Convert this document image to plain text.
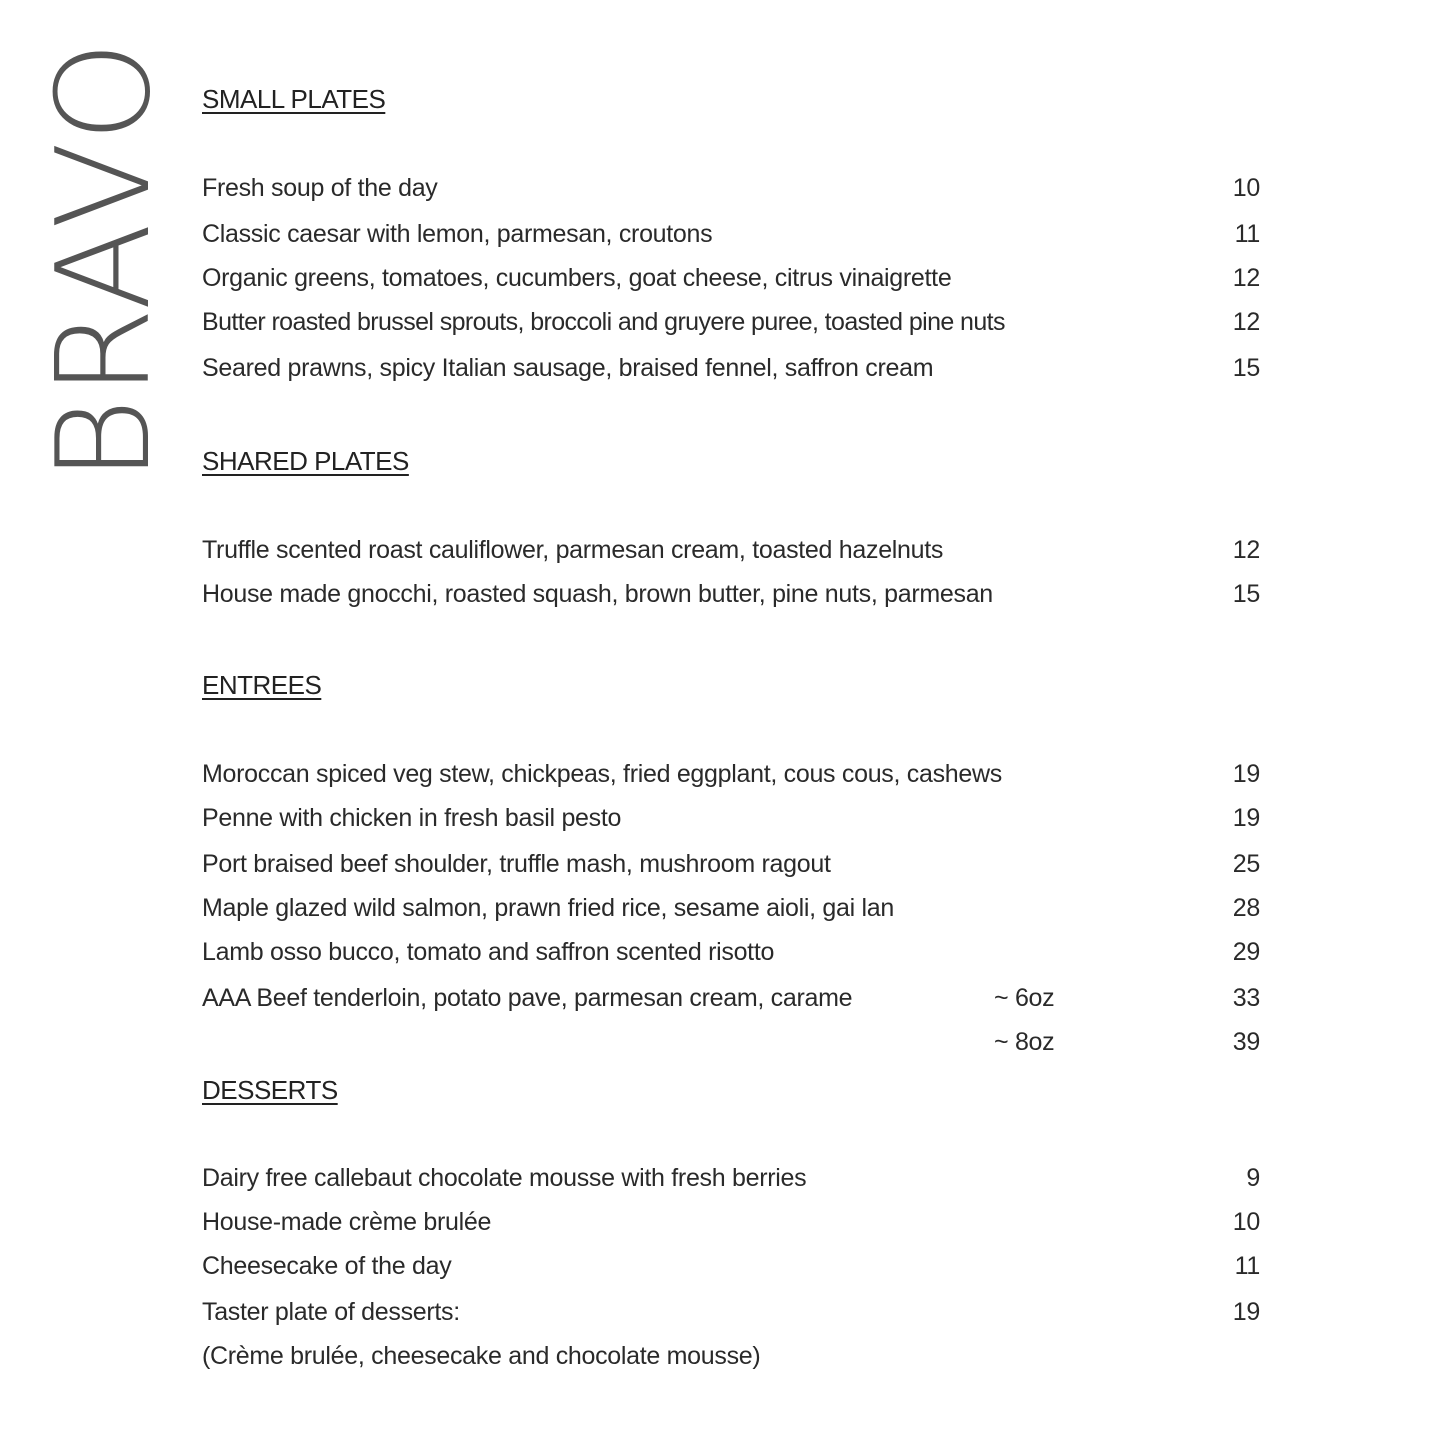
BRAVO SMALL PLATES
Fresh soup of the day	10
Classic caesar with lemon, parmesan, croutons	11
Organic greens, tomatoes, cucumbers, goat cheese, citrus vinaigrette	12
Butter roasted brussel sprouts, broccoli and gruyere puree, toasted pine nuts	12
Seared prawns, spicy Italian sausage, braised fennel, saffron cream	15
SHARED PLATES
Truffle scented roast cauliflower, parmesan cream, toasted hazelnuts	12
House made gnocchi, roasted squash, brown butter, pine nuts, parmesan	15
ENTREES
Moroccan spiced veg stew, chickpeas, fried eggplant, cous cous, cashews	19
Penne with chicken in fresh basil pesto	19
Port braised beef shoulder, truffle mash, mushroom ragout	25
Maple glazed wild salmon, prawn fried rice, sesame aioli, gai lan	28
Lamb osso bucco, tomato and saffron scented risotto	29
AAA Beef tenderloin, potato pave, parmesan cream, carame	~ 6oz	33
~ 8oz	39
DESSERTS
Dairy free callebaut chocolate mousse with fresh berries	9
House-made crème brulée	10
Cheesecake of the day	11
Taster plate of desserts:	19
(Crème brulée, cheesecake and chocolate mousse)
